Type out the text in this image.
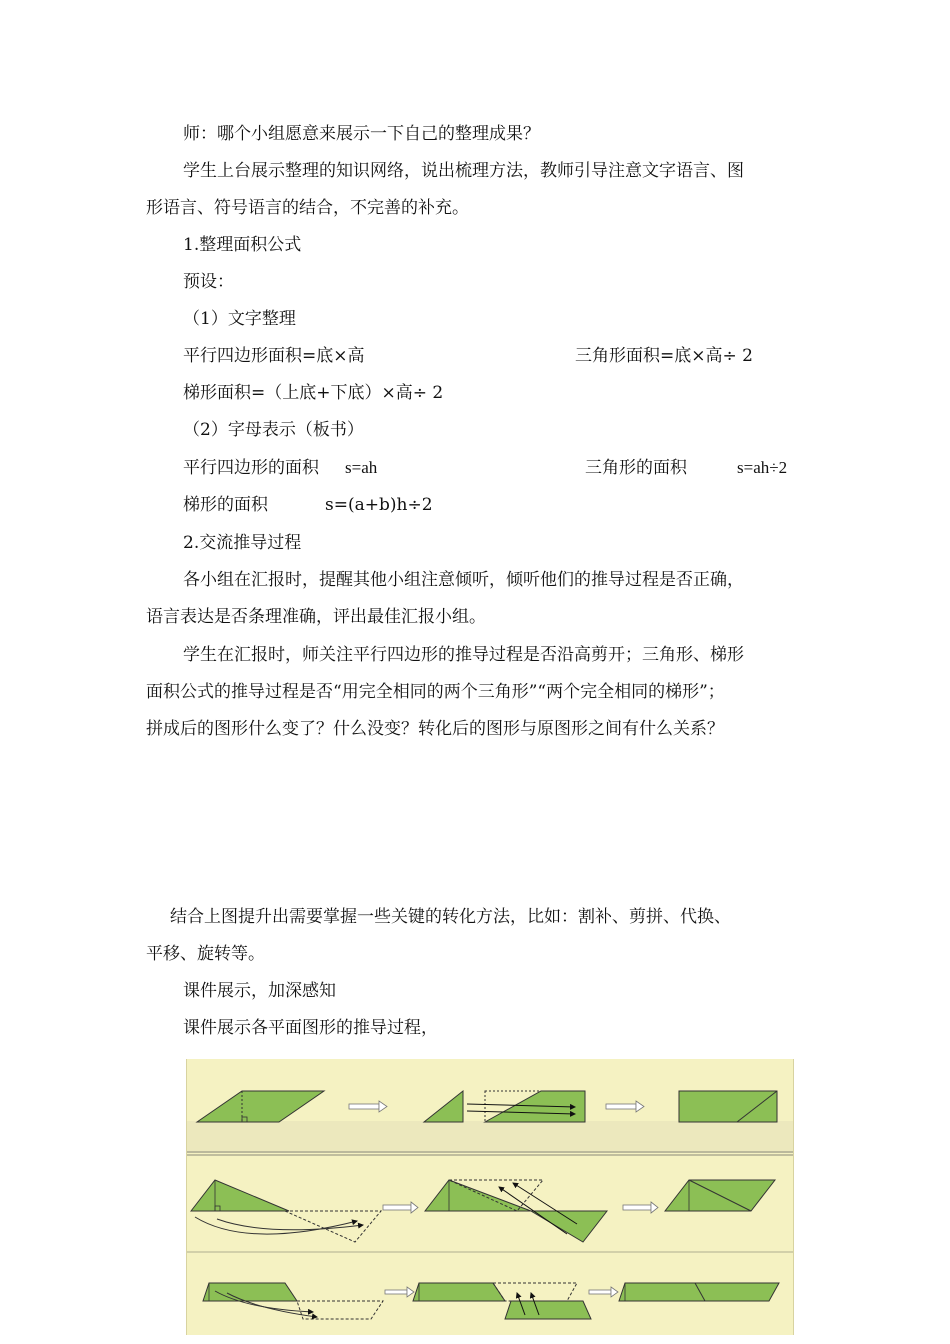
师：哪个小组愿意来展示一下自己的整理成果？
学生上台展示整理的知识网络，说出梳理方法，教师引导注意文字语言、图
形语言、符号语言的结合，不完善的补充。
1.整理面积公式
预设：
（1）文字整理
平行四边形面积=底×高	三角形面积=底×高÷ 2
梯形面积=（上底+下底）×高÷ 2
（2）字母表示（板书）
平行四边形的面积 s=ah	三角形的面积	s=ah÷2
梯形的面积	s=(a+b)h÷2
2.交流推导过程
各小组在汇报时，提醒其他小组注意倾听，倾听他们的推导过程是否正确，
语言表达是否条理准确，评出最佳汇报小组。
学生在汇报时，师关注平行四边形的推导过程是否沿高剪开；三角形、梯形
面积公式的推导过程是否“用完全相同的两个三角形”“两个完全相同的梯形”；
拼成后的图形什么变了？什么没变？转化后的图形与原图形之间有什么关系？
结合上图提升出需要掌握一些关键的转化方法，比如：割补、剪拼、代换、
平移、旋转等。
课件展示，加深感知
课件展示各平面图形的推导过程，
